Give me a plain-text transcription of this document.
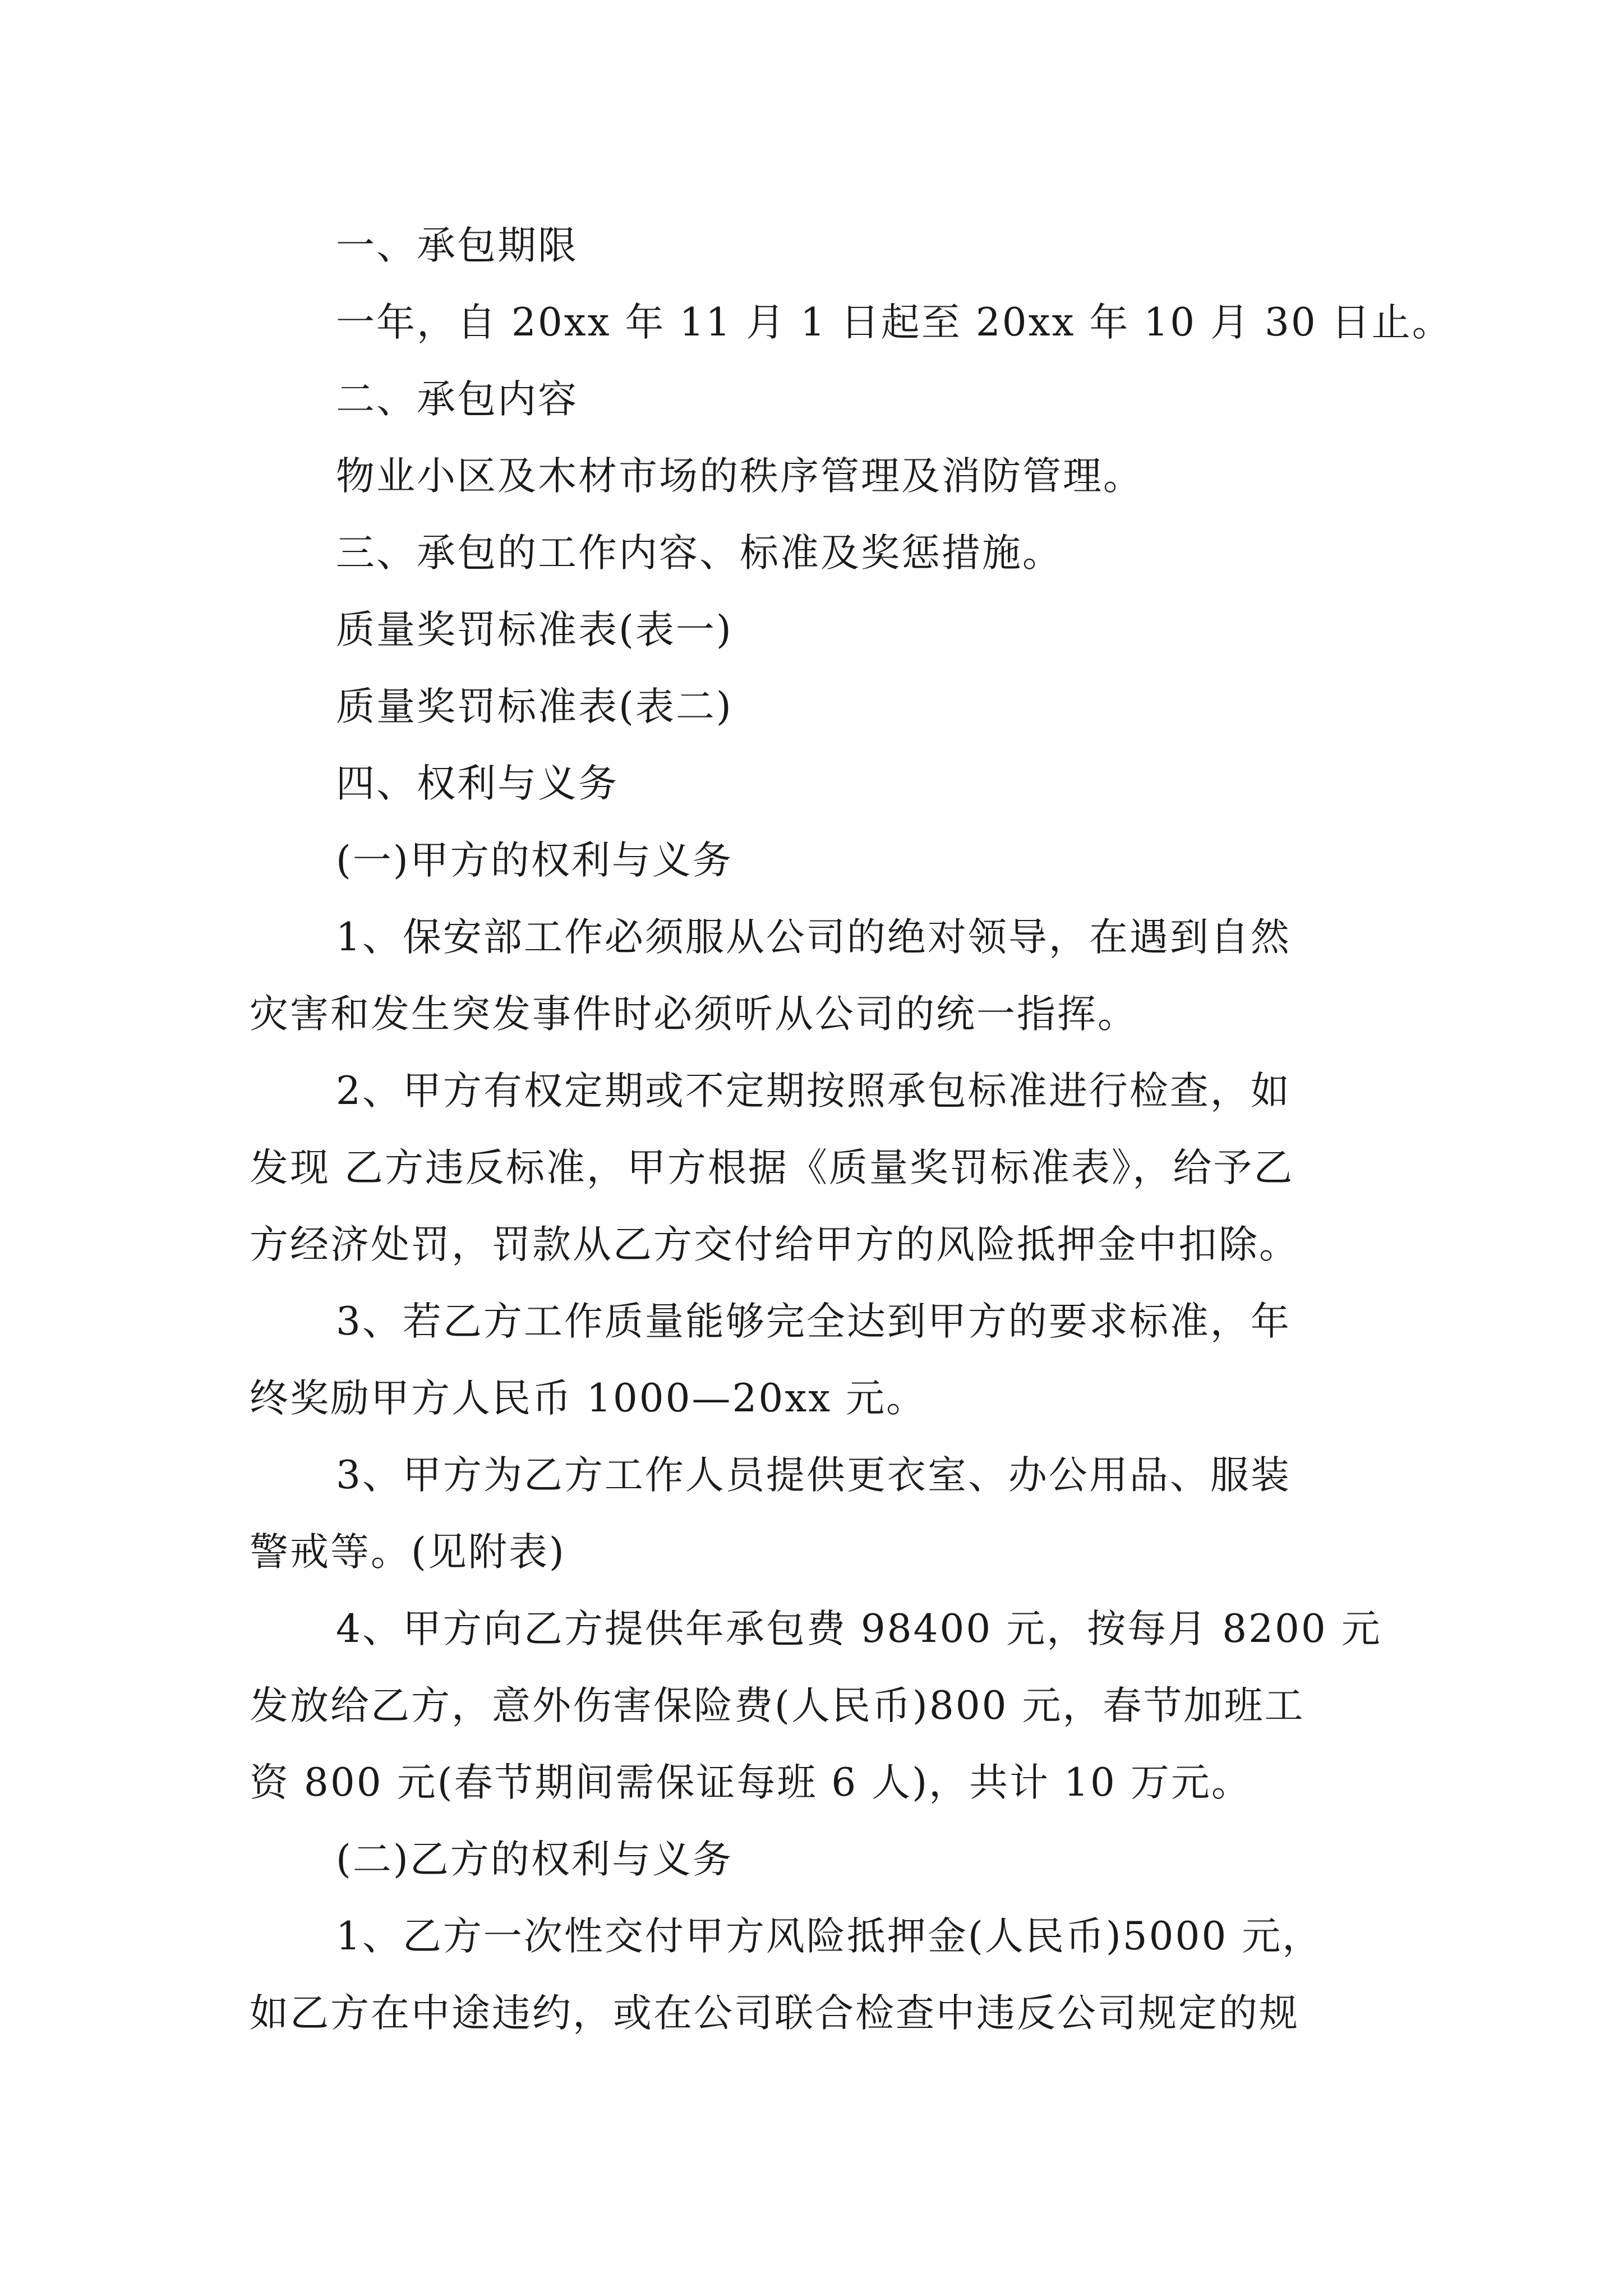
一、承包期限
一年，自 20xx 年 11 月 1 日起至 20xx 年 10 月 30 日止。
二、承包内容
物业小区及木材市场的秩序管理及消防管理。
三、承包的工作内容、标准及奖惩措施。
质量奖罚标准表(表一)
质量奖罚标准表(表二)
四、权利与义务
(一)甲方的权利与义务
1、保安部工作必须服从公司的绝对领导，在遇到自然
灾害和发生突发事件时必须听从公司的统一指挥。
2、甲方有权定期或不定期按照承包标准进行检查，如
发现 乙方违反标准，甲方根据《质量奖罚标准表》，给予乙
方经济处罚，罚款从乙方交付给甲方的风险抵押金中扣除。
3、若乙方工作质量能够完全达到甲方的要求标准，年
终奖励甲方人民币 1000—20xx 元。
3、甲方为乙方工作人员提供更衣室、办公用品、服装
警戒等。(见附表)
4、甲方向乙方提供年承包费 98400 元，按每月 8200 元
发放给乙方，意外伤害保险费(人民币)800 元，春节加班工
资 800 元(春节期间需保证每班 6 人)，共计 10 万元。
(二)乙方的权利与义务
1、乙方一次性交付甲方风险抵押金(人民币)5000 元，
如乙方在中途违约，或在公司联合检查中违反公司规定的规
